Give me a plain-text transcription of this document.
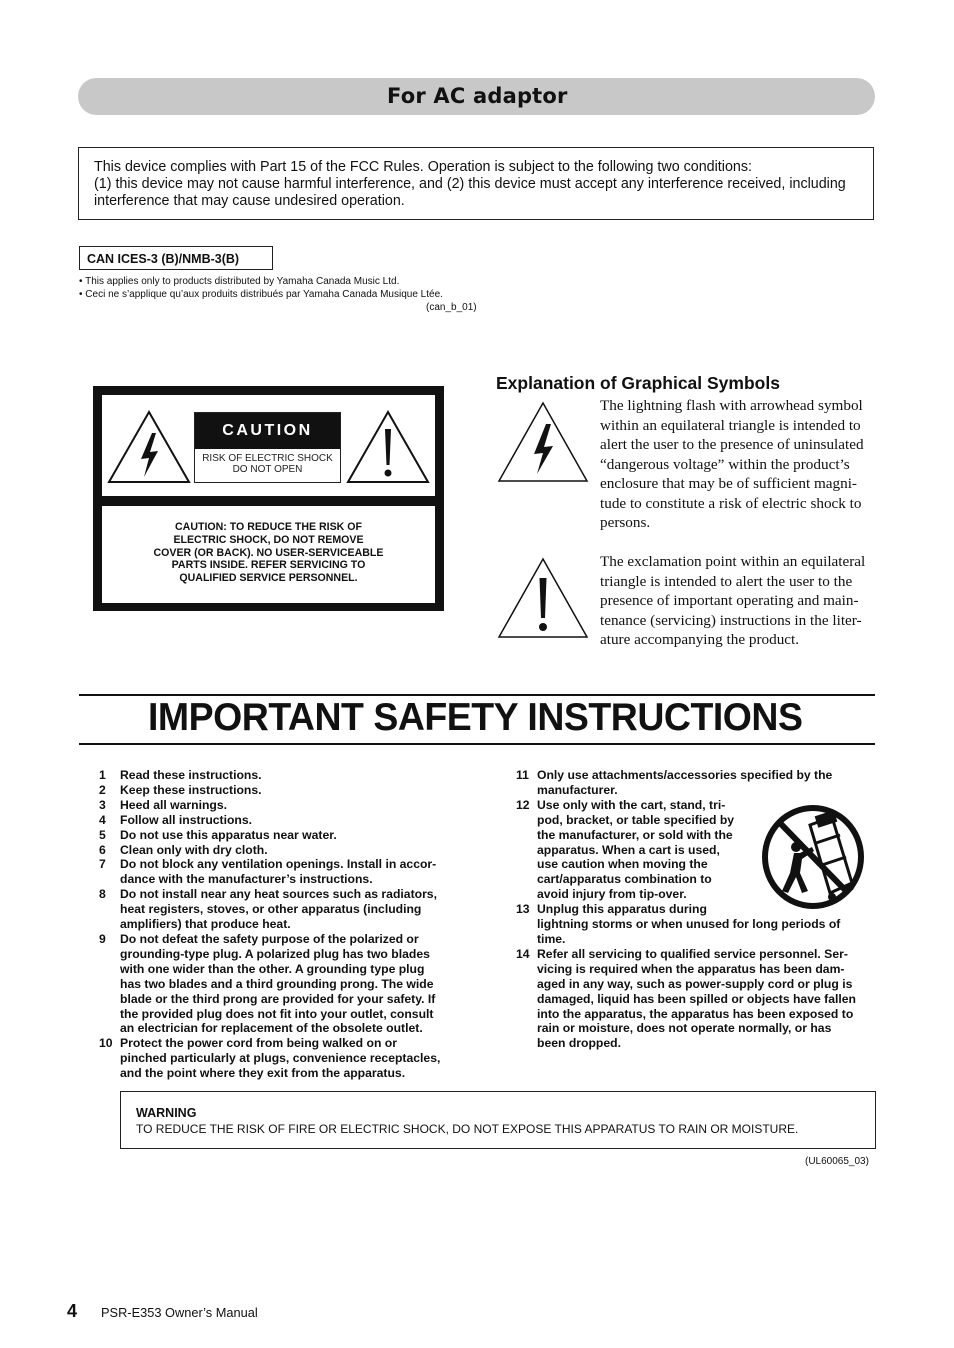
For AC adaptor

This device complies with Part 15 of the FCC Rules. Operation is subject to the following two conditions:

(1) this device may not cause harmful interference, and (2) this device must accept any interference received, including

interference that may cause undesired operation.

CAN ICES-3 (B)/NMB-3(B)
• This applies only to products distributed by Yamaha Canada Music Ltd.
• Ceci ne s’applique qu’aux produits distribués par Yamaha Canada Musique Ltée.
(can_b_01)
CAUTION
RISK OF ELECTRIC SHOCK
DO NOT OPEN
CAUTION: TO REDUCE THE RISK OF
ELECTRIC SHOCK, DO NOT REMOVE
COVER (OR BACK). NO USER-SERVICEABLE
PARTS INSIDE. REFER SERVICING TO
QUALIFIED SERVICE PERSONNEL.
Explanation of Graphical Symbols

The lightning flash with arrowhead symbol

within an equilateral triangle is intended to

alert the user to the presence of uninsulated

“dangerous voltage” within the product’s

enclosure that may be of sufficient magni-

tude to constitute a risk of electric shock to

persons.

The exclamation point within an equilateral

triangle is intended to alert the user to the

presence of important operating and main-

tenance (servicing) instructions in the liter-

ature accompanying the product.

IMPORTANT SAFETY INSTRUCTIONS
1 Read these instructions.
2 Keep these instructions.
3 Heed all warnings.
4 Follow all instructions.
5 Do not use this apparatus near water.
6 Clean only with dry cloth.
7 Do not block any ventilation openings. Install in accor-
dance with the manufacturer’s instructions.
8 Do not install near any heat sources such as radiators,
heat registers, stoves, or other apparatus (including
amplifiers) that produce heat.
9 Do not defeat the safety purpose of the polarized or
grounding-type plug. A polarized plug has two blades
with one wider than the other. A grounding type plug
has two blades and a third grounding prong. The wide
blade or the third prong are provided for your safety. If
the provided plug does not fit into your outlet, consult
an electrician for replacement of the obsolete outlet.
10 Protect the power cord from being walked on or
pinched particularly at plugs, convenience receptacles,
and the point where they exit from the apparatus.
11 Only use attachments/accessories specified by the
manufacturer.
12 Use only with the cart, stand, tri-
pod, bracket, or table specified by
the manufacturer, or sold with the
apparatus. When a cart is used,
use caution when moving the
cart/apparatus combination to
avoid injury from tip-over.
13 Unplug this apparatus during
lightning storms or when unused for long periods of
time.
14 Refer all servicing to qualified service personnel. Ser-
vicing is required when the apparatus has been dam-
aged in any way, such as power-supply cord or plug is
damaged, liquid has been spilled or objects have fallen
into the apparatus, the apparatus has been exposed to
rain or moisture, does not operate normally, or has
been dropped.
WARNING
TO REDUCE THE RISK OF FIRE OR ELECTRIC SHOCK, DO NOT EXPOSE THIS APPARATUS TO RAIN OR MOISTURE.
(UL60065_03)
4 PSR-E353 Owner’s Manual
